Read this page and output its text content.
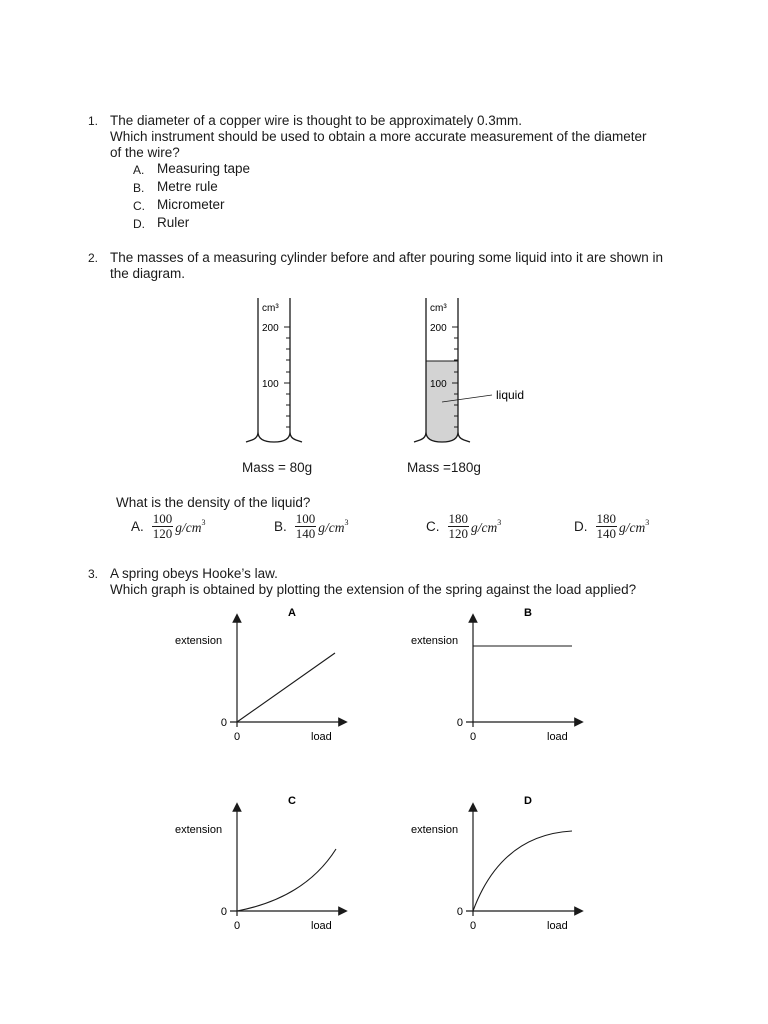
1. The diameter of a copper wire is thought to be approximately 0.3mm.
Which instrument should be used to obtain a more accurate measurement of the diameter
of the wire?
A. Measuring tape
B. Metre rule
C. Micrometer
D. Ruler
2. The masses of a measuring cylinder before and after pouring some liquid into it are shown in
the diagram.
cm³
200
100
Mass = 80g
cm³
200
100
liquid
Mass =180g
What is the density of the liquid?
A. $\frac{100}{120} g/cm^3$	B. $\frac{100}{140} g/cm^3$	C. $\frac{180}{120} g/cm^3$	D. $\frac{180}{140} g/cm^3$
3. A spring obeys Hooke’s law.
Which graph is obtained by plotting the extension of the spring against the load applied?
A
extension
0
0	load
B
extension
0
0	load
C
extension
0
0	load
D
extension
0
0	load
